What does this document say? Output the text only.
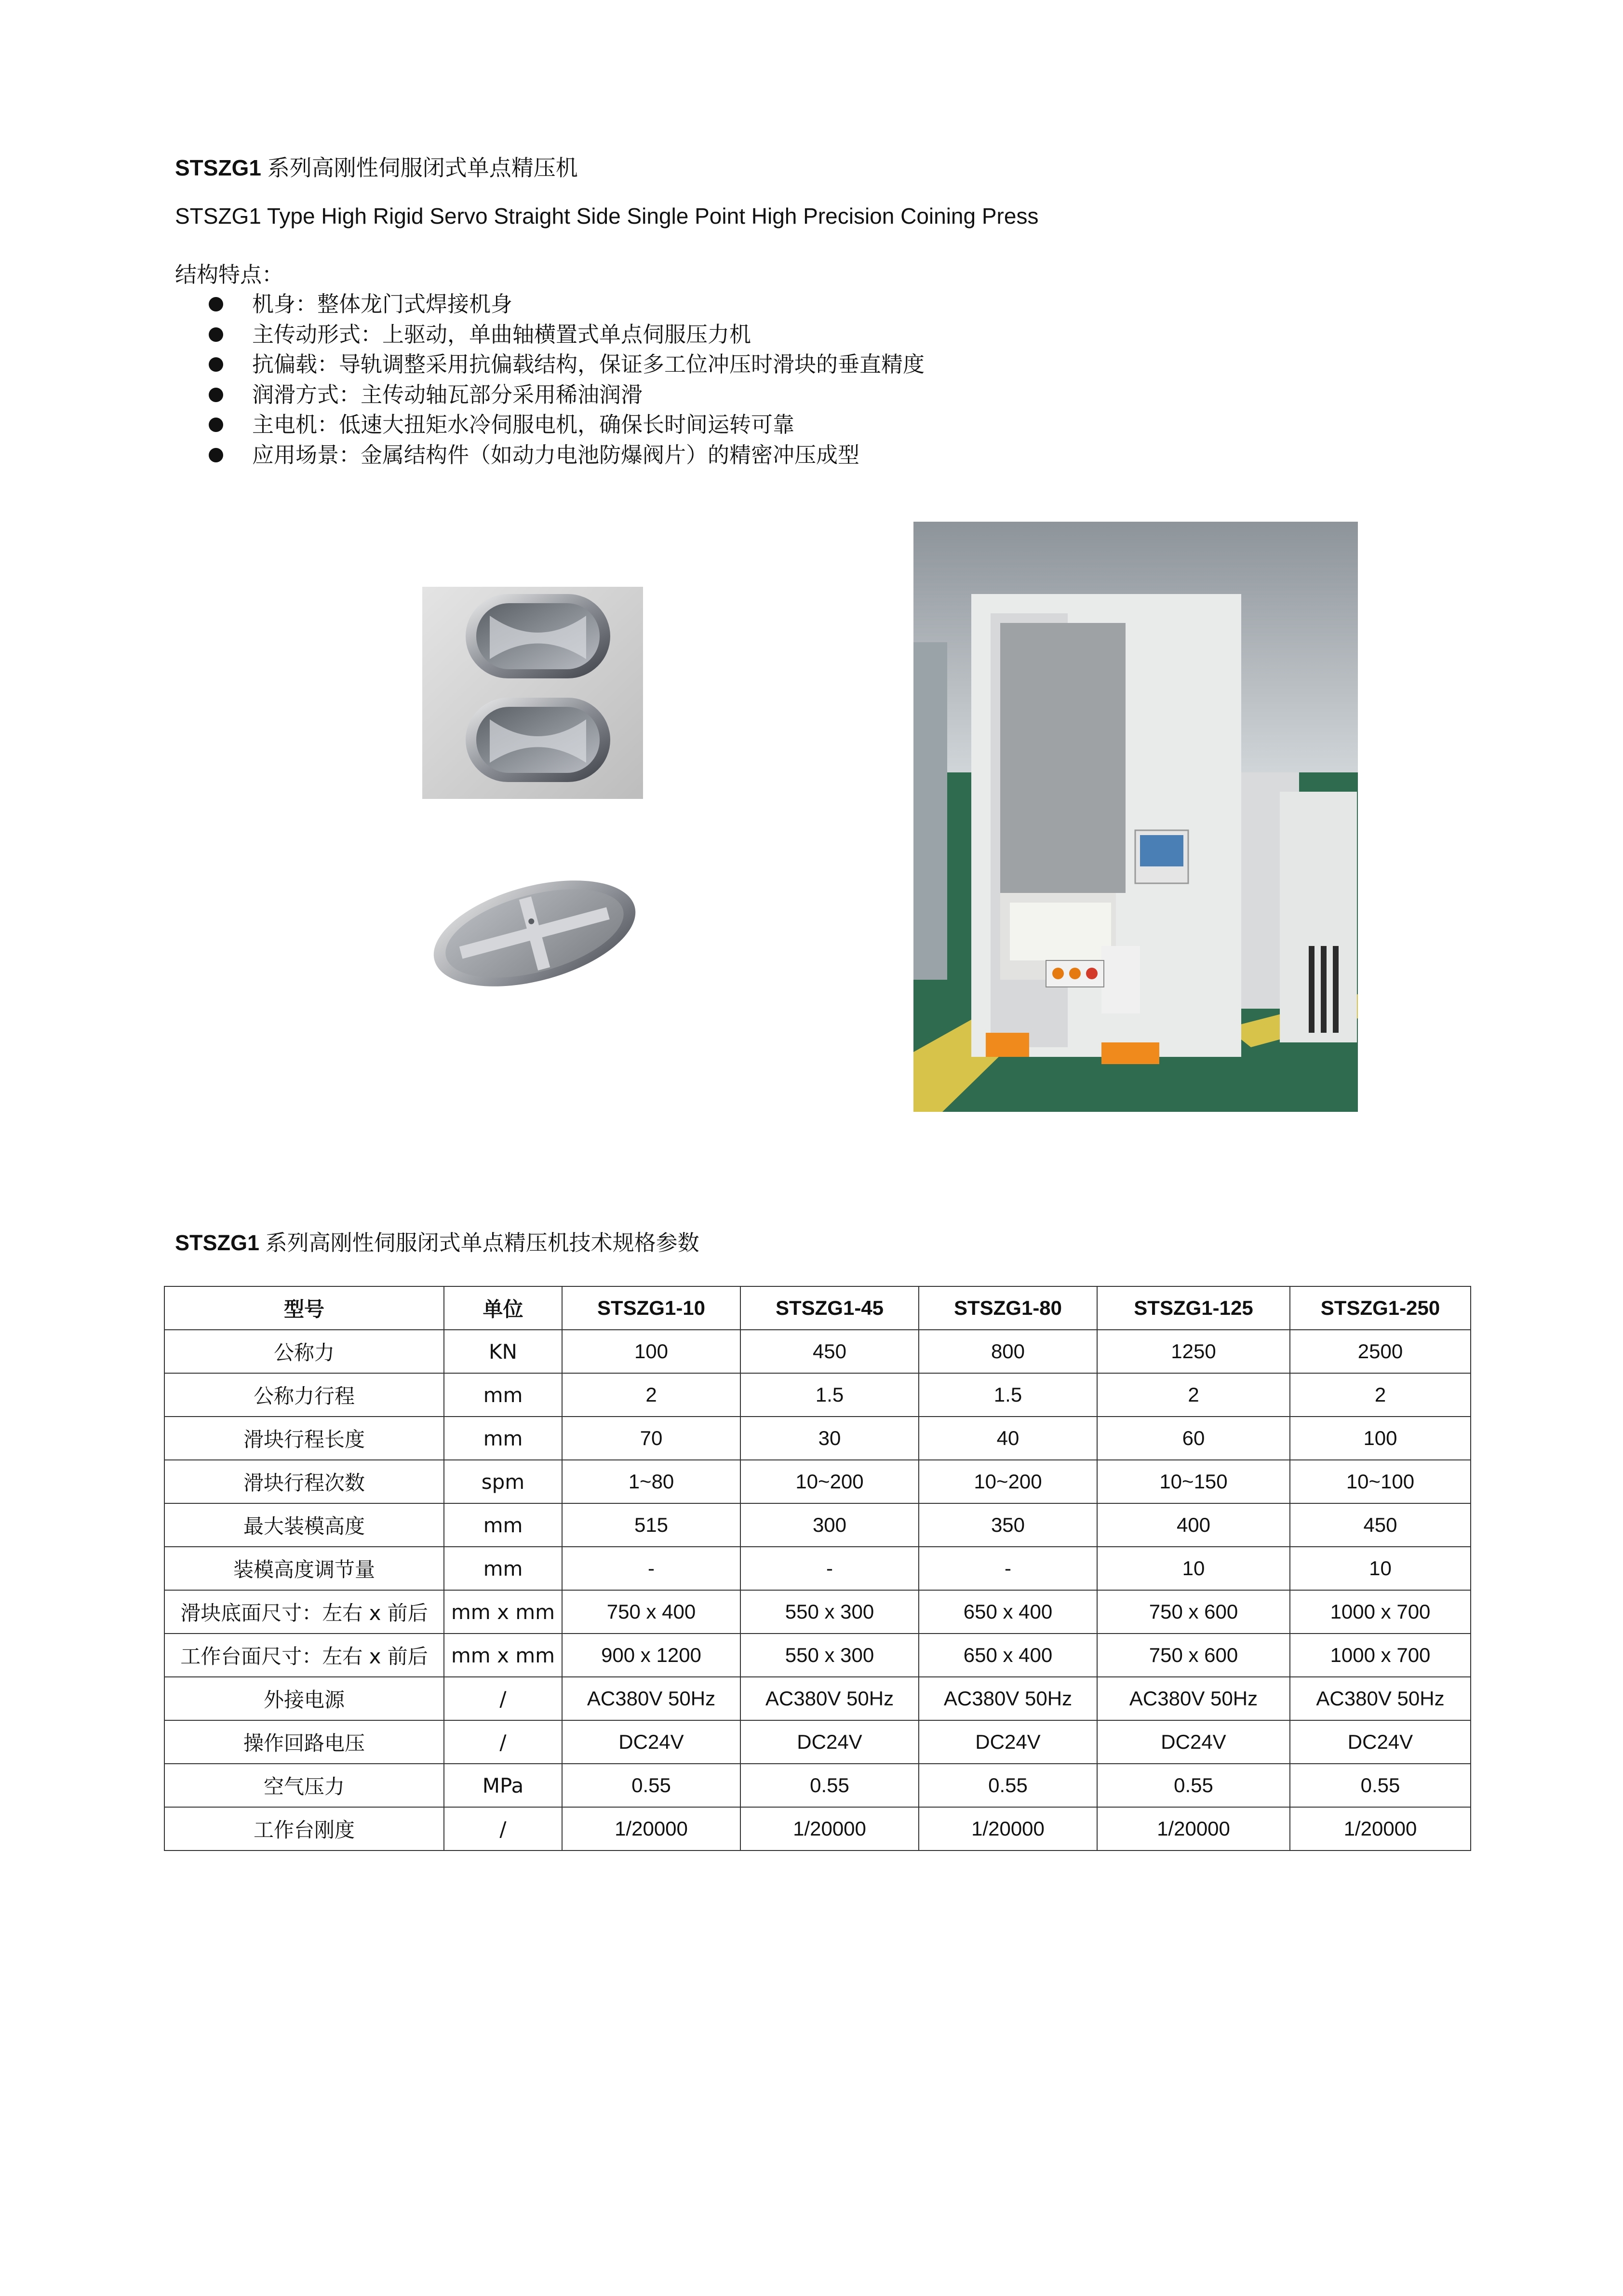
STSZG1 系列高刚性伺服闭式单点精压机
STSZG1 Type High Rigid Servo Straight Side Single Point High Precision Coining Press
结构特点：
机身：整体龙门式焊接机身
主传动形式：上驱动，单曲轴横置式单点伺服压力机
抗偏载：导轨调整采用抗偏载结构，保证多工位冲压时滑块的垂直精度
润滑方式：主传动轴瓦部分采用稀油润滑
主电机：低速大扭矩水冷伺服电机，确保长时间运转可靠
应用场景：金属结构件（如动力电池防爆阀片）的精密冲压成型
STSZG1 系列高刚性伺服闭式单点精压机技术规格参数
型号	单位	STSZG1-10	STSZG1-45	STSZG1-80	STSZG1-125	STSZG1-250
公称力	KN	100	450	800	1250	2500
公称力行程	mm	2	1.5	1.5	2	2
滑块行程长度	mm	70	30	40	60	100
滑块行程次数	spm	1~80	10~200	10~200	10~150	10~100
最大装模高度	mm	515	300	350	400	450
装模高度调节量	mm	-	-	-	10	10
滑块底面尺寸：左右 x 前后	mm x mm	750 x 400	550 x 300	650 x 400	750 x 600	1000 x 700
工作台面尺寸：左右 x 前后	mm x mm	900 x 1200	550 x 300	650 x 400	750 x 600	1000 x 700
外接电源	/	AC380V 50Hz	AC380V 50Hz	AC380V 50Hz	AC380V 50Hz	AC380V 50Hz
操作回路电压	/	DC24V	DC24V	DC24V	DC24V	DC24V
空气压力	MPa	0.55	0.55	0.55	0.55	0.55
工作台刚度	/	1/20000	1/20000	1/20000	1/20000	1/20000
